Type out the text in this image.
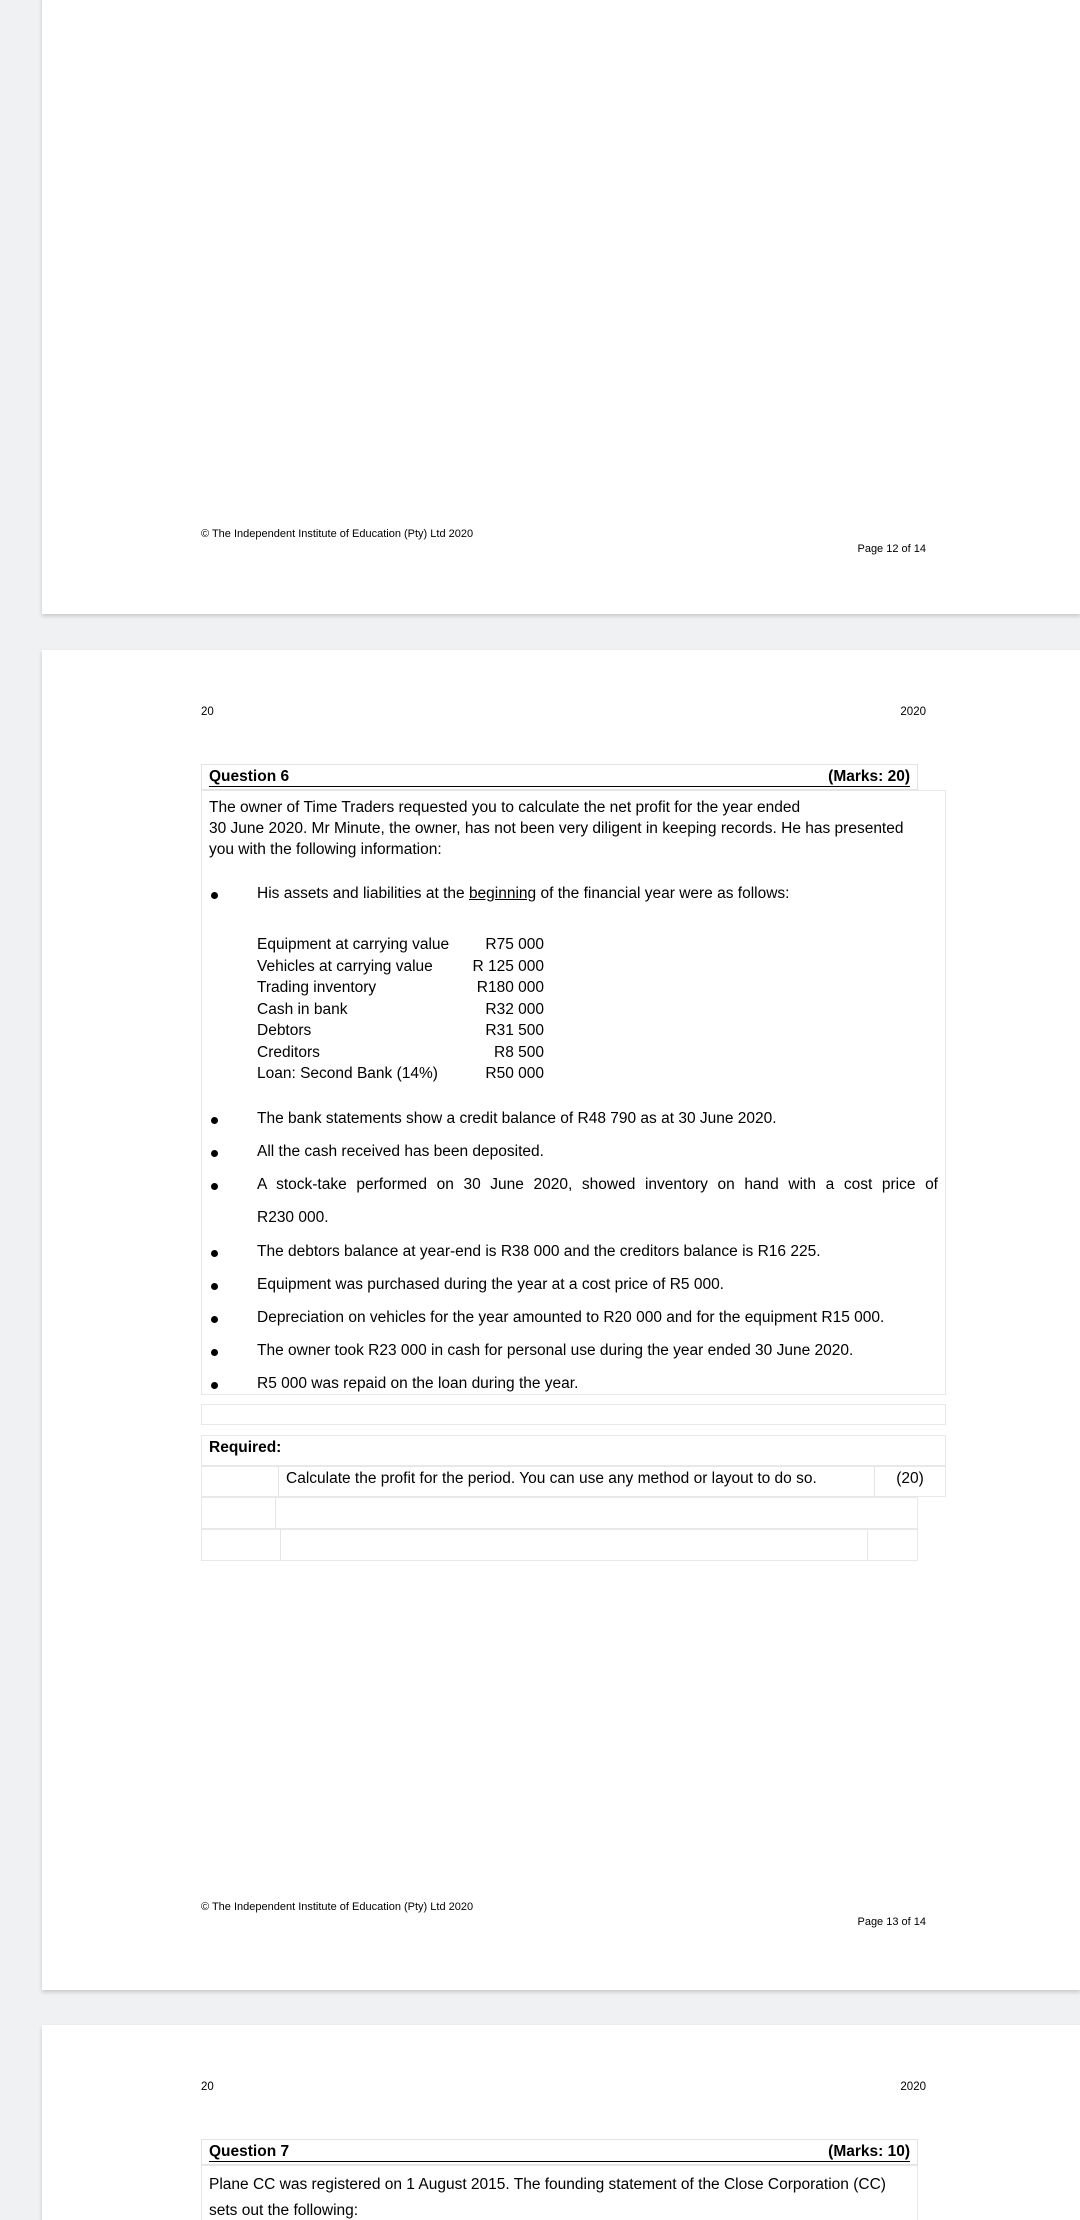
© The Independent Institute of Education (Pty) Ltd 2020
Page 12 of 14
20	2020
Question 6	(Marks: 20)
The owner of Time Traders requested you to calculate the net profit for the year ended
30 June 2020. Mr Minute, the owner, has not been very diligent in keeping records. He has presented
you with the following information:
His assets and liabilities at the beginning of the financial year were as follows:
Equipment at carrying value	R75 000
Vehicles at carrying value	R 125 000
Trading inventory	R180 000
Cash in bank	R32 000
Debtors	R31 500
Creditors	R8 500
Loan: Second Bank (14%)	R50 000
The bank statements show a credit balance of R48 790 as at 30 June 2020.
All the cash received has been deposited.
A stock-take performed on 30 June 2020, showed inventory on hand with a cost price of
R230 000.
The debtors balance at year-end is R38 000 and the creditors balance is R16 225.
Equipment was purchased during the year at a cost price of R5 000.
Depreciation on vehicles for the year amounted to R20 000 and for the equipment R15 000.
The owner took R23 000 in cash for personal use during the year ended 30 June 2020.
R5 000 was repaid on the loan during the year.
Required:
Calculate the profit for the period. You can use any method or layout to do so.	(20)
© The Independent Institute of Education (Pty) Ltd 2020
Page 13 of 14
20	2020
Question 7	(Marks: 10)
Plane CC was registered on 1 August 2015. The founding statement of the Close Corporation (CC)
sets out the following:
